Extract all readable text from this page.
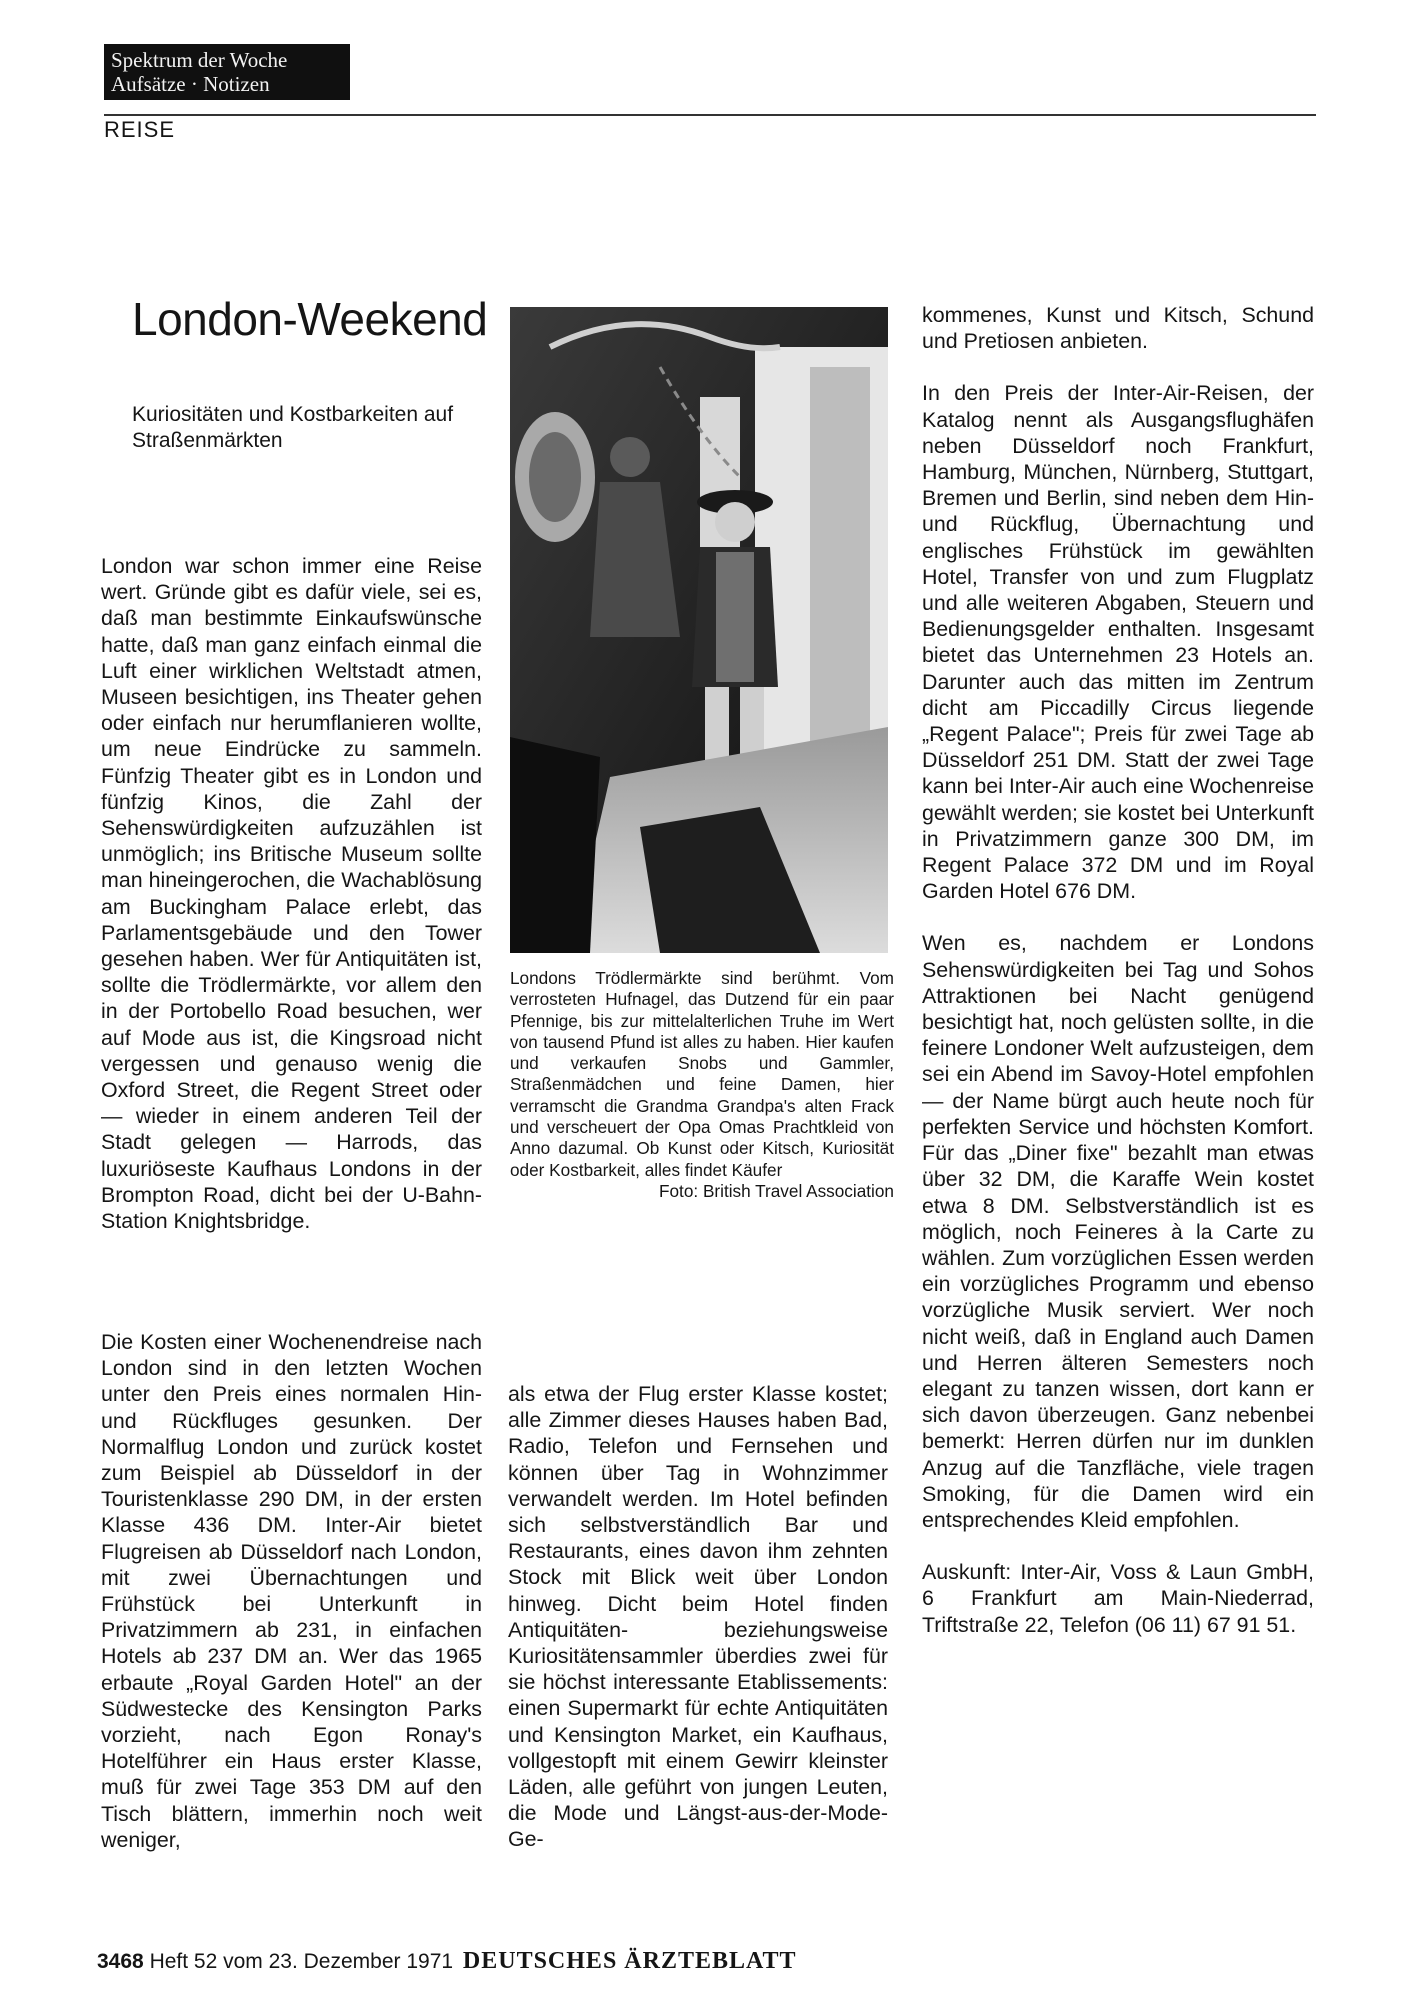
Spektrum der Woche
Aufsätze · Notizen
REISE
London-Weekend
Kuriositäten und Kostbarkeiten auf Straßenmärkten

London war schon immer eine Reise wert. Gründe gibt es dafür viele, sei es, daß man bestimmte Einkaufswünsche hatte, daß man ganz einfach einmal die Luft einer wirklichen Weltstadt atmen, Museen besichtigen, ins Theater gehen oder einfach nur herumflanieren wollte, um neue Eindrücke zu sammeln. Fünfzig Theater gibt es in London und fünfzig Kinos, die Zahl der Sehenswürdigkeiten aufzuzählen ist unmöglich; ins Britische Museum sollte man hineingerochen, die Wachablösung am Buckingham Palace erlebt, das Parlamentsgebäude und den Tower gesehen haben. Wer für Antiquitäten ist, sollte die Trödlermärkte, vor allem den in der Portobello Road besuchen, wer auf Mode aus ist, die Kingsroad nicht vergessen und genauso wenig die Oxford Street, die Regent Street oder — wieder in einem anderen Teil der Stadt gelegen — Harrods, das luxuriöseste Kaufhaus Londons in der Brompton Road, dicht bei der U-Bahn-Station Knightsbridge.

Die Kosten einer Wochenendreise nach London sind in den letzten Wochen unter den Preis eines normalen Hin- und Rückfluges gesunken. Der Normalflug London und zurück kostet zum Beispiel ab Düsseldorf in der Touristenklasse 290 DM, in der ersten Klasse 436 DM. Inter-Air bietet Flugreisen ab Düsseldorf nach London, mit zwei Übernachtungen und Frühstück bei Unterkunft in Privatzimmern ab 231, in einfachen Hotels ab 237 DM an. Wer das 1965 erbaute „Royal Garden Hotel" an der Südwestecke des Kensington Parks vorzieht, nach Egon Ronay's Hotelführer ein Haus erster Klasse, muß für zwei Tage 353 DM auf den Tisch blättern, immerhin noch weit weniger,

Londons Trödlermärkte sind berühmt. Vom verrosteten Hufnagel, das Dutzend für ein paar Pfennige, bis zur mittelalterlichen Truhe im Wert von tausend Pfund ist alles zu haben. Hier kaufen und verkaufen Snobs und Gammler, Straßenmädchen und feine Damen, hier verramscht die Grandma Grandpa's alten Frack und verscheuert der Opa Omas Prachtkleid von Anno dazumal. Ob Kunst oder Kitsch, Kuriosität oder Kostbarkeit, alles findet Käufer
Foto: British Travel Association

als etwa der Flug erster Klasse kostet; alle Zimmer dieses Hauses haben Bad, Radio, Telefon und Fernsehen und können über Tag in Wohnzimmer verwandelt werden. Im Hotel befinden sich selbstverständlich Bar und Restaurants, eines davon ihm zehnten Stock mit Blick weit über London hinweg. Dicht beim Hotel finden Antiquitäten- beziehungsweise Kuriositätensammler überdies zwei für sie höchst interessante Etablissements: einen Supermarkt für echte Antiquitäten und Kensington Market, ein Kaufhaus, vollgestopft mit einem Gewirr kleinster Läden, alle geführt von jungen Leuten, die Mode und Längst-aus-der-Mode-Ge-

kommenes, Kunst und Kitsch, Schund und Pretiosen anbieten.

In den Preis der Inter-Air-Reisen, der Katalog nennt als Ausgangsflughäfen neben Düsseldorf noch Frankfurt, Hamburg, München, Nürnberg, Stuttgart, Bremen und Berlin, sind neben dem Hin- und Rückflug, Übernachtung und englisches Frühstück im gewählten Hotel, Transfer von und zum Flugplatz und alle weiteren Abgaben, Steuern und Bedienungsgelder enthalten. Insgesamt bietet das Unternehmen 23 Hotels an. Darunter auch das mitten im Zentrum dicht am Piccadilly Circus liegende „Regent Palace"; Preis für zwei Tage ab Düsseldorf 251 DM. Statt der zwei Tage kann bei Inter-Air auch eine Wochenreise gewählt werden; sie kostet bei Unterkunft in Privatzimmern ganze 300 DM, im Regent Palace 372 DM und im Royal Garden Hotel 676 DM.

Wen es, nachdem er Londons Sehenswürdigkeiten bei Tag und Sohos Attraktionen bei Nacht genügend besichtigt hat, noch gelüsten sollte, in die feinere Londoner Welt aufzusteigen, dem sei ein Abend im Savoy-Hotel empfohlen — der Name bürgt auch heute noch für perfekten Service und höchsten Komfort. Für das „Diner fixe" bezahlt man etwas über 32 DM, die Karaffe Wein kostet etwa 8 DM. Selbstverständlich ist es möglich, noch Feineres à la Carte zu wählen. Zum vorzüglichen Essen werden ein vorzügliches Programm und ebenso vorzügliche Musik serviert. Wer noch nicht weiß, daß in England auch Damen und Herren älteren Semesters noch elegant zu tanzen wissen, dort kann er sich davon überzeugen. Ganz nebenbei bemerkt: Herren dürfen nur im dunklen Anzug auf die Tanzfläche, viele tragen Smoking, für die Damen wird ein entsprechendes Kleid empfohlen.

Auskunft: Inter-Air, Voss & Laun GmbH, 6 Frankfurt am Main-Niederrad, Triftstraße 22, Telefon (06 11) 67 91 51.

3468 Heft 52 vom 23. Dezember 1971 DEUTSCHES ÄRZTEBLATT
